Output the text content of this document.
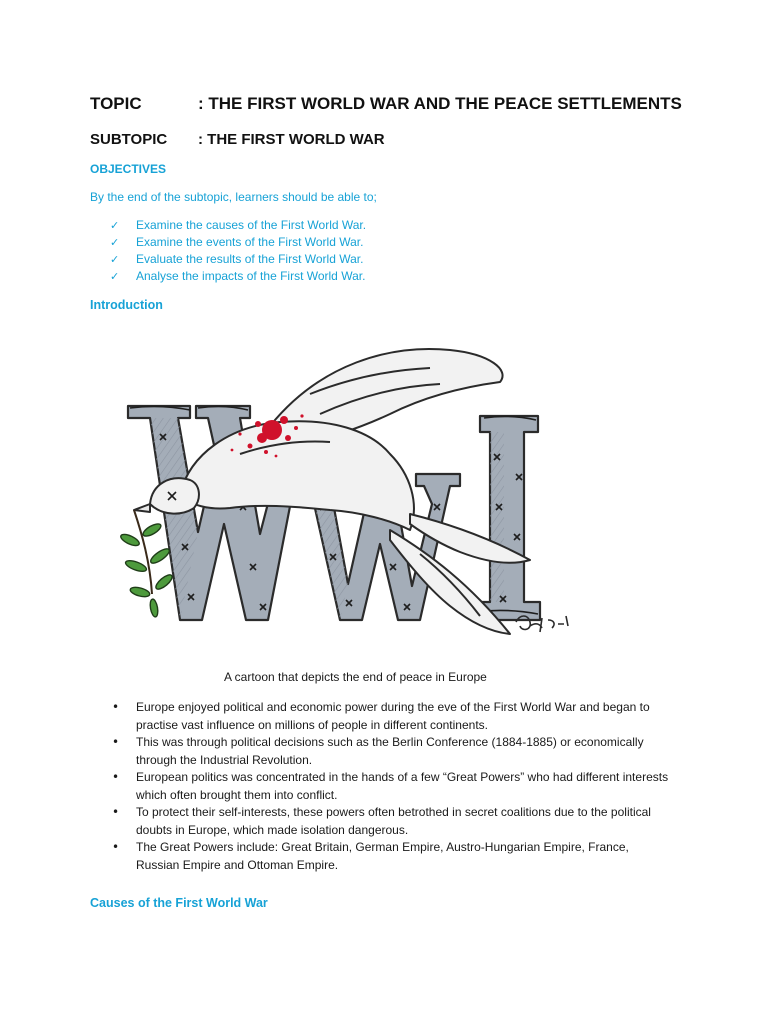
TOPIC	: THE FIRST WORLD WAR AND THE PEACE SETTLEMENTS
SUBTOPIC : THE FIRST WORLD WAR
OBJECTIVES
By the end of the subtopic, learners should be able to;
✓ Examine the causes of the First World War.
✓ Examine the events of the First World War.
✓ Evaluate the results of the First World War.
✓ Analyse the impacts of the First World War.
Introduction
A cartoon that depicts the end of peace in Europe
• Europe enjoyed political and economic power during the eve of the First World War and began to practise vast influence on millions of people in different continents.
• This was through political decisions such as the Berlin Conference (1884-1885) or economically through the Industrial Revolution.
• European politics was concentrated in the hands of a few “Great Powers” who had different interests which often brought them into conflict.
• To protect their self-interests, these powers often betrothed in secret coalitions due to the political doubts in Europe, which made isolation dangerous.
• The Great Powers include: Great Britain, German Empire, Austro-Hungarian Empire, France, Russian Empire and Ottoman Empire.
Causes of the First World War
